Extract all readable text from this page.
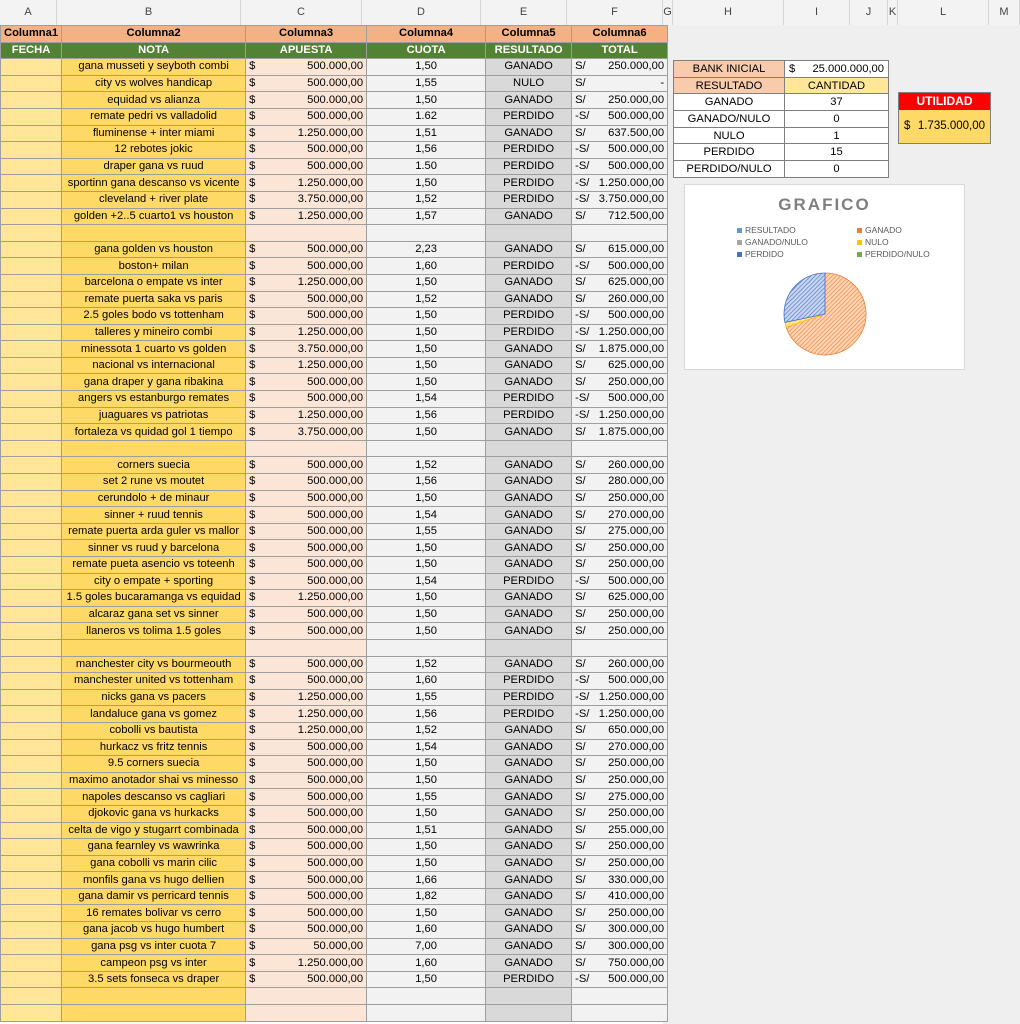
A	B	C	D	E	F	G	H	I	J	K	L	M
Columna1	Columna2	Columna3	Columna4	Columna5	Columna6
FECHA	NOTA	APUESTA	CUOTA	RESULTADO	TOTAL
	gana musseti y seyboth combi	$ 500.000,00	1,50	GANADO	S/ 250.000,00

	city vs wolves handicap	$ 500.000,00	1,55	NULO	S/ -

	equidad vs alianza	$ 500.000,00	1,50	GANADO	S/ 250.000,00

	remate pedri vs valladolid	$ 500.000,00	1.62	PERDIDO	-S/ 500.000,00

	fluminense + inter miami	$ 1.250.000,00	1,51	GANADO	S/ 637.500,00

	12 rebotes jokic	$ 500.000,00	1,56	PERDIDO	-S/ 500.000,00

	draper gana vs ruud	$ 500.000,00	1.50	PERDIDO	-S/ 500.000,00

	sportinn gana descanso vs vicente	$ 1.250.000,00	1,50	PERDIDO	-S/ 1.250.000,00

	cleveland + river plate	$ 3.750.000,00	1,52	PERDIDO	-S/ 3.750.000,00

	golden +2..5 cuarto1 vs houston	$ 1.250.000,00	1,57	GANADO	S/ 712.500,00

	gana golden vs houston	$ 500.000,00	2,23	GANADO	S/ 615.000,00

	boston+ milan	$ 500.000,00	1,60	PERDIDO	-S/ 500.000,00

	barcelona o empate vs inter	$ 1.250.000,00	1,50	GANADO	S/ 625.000,00

	remate puerta saka vs paris	$ 500.000,00	1,52	GANADO	S/ 260.000,00

	2.5 goles bodo vs tottenham	$ 500.000,00	1,50	PERDIDO	-S/ 500.000,00

	talleres y mineiro combi	$ 1.250.000,00	1,50	PERDIDO	-S/ 1.250.000,00

	minessota 1 cuarto vs golden	$ 3.750.000,00	1,50	GANADO	S/ 1.875.000,00

	nacional vs internacional	$ 1.250.000,00	1,50	GANADO	S/ 625.000,00

	gana draper y gana ribakina	$ 500.000,00	1,50	GANADO	S/ 250.000,00

	angers vs estanburgo remates	$ 500.000,00	1,54	PERDIDO	-S/ 500.000,00

	juaguares vs patriotas	$ 1.250.000,00	1,56	PERDIDO	-S/ 1.250.000,00

	fortaleza vs quidad gol 1 tiempo	$ 3.750.000,00	1,50	GANADO	S/ 1.875.000,00

	corners suecia	$ 500.000,00	1,52	GANADO	S/ 260.000,00

	set 2 rune vs moutet	$ 500.000,00	1,56	GANADO	S/ 280.000,00

	cerundolo + de minaur	$ 500.000,00	1,50	GANADO	S/ 250.000,00

	sinner + ruud tennis	$ 500.000,00	1,54	GANADO	S/ 270.000,00

	remate puerta arda guler vs mallor	$ 500.000,00	1,55	GANADO	S/ 275.000,00

	sinner vs ruud y barcelona	$ 500.000,00	1,50	GANADO	S/ 250.000,00

	remate pueta asencio vs toteenh	$ 500.000,00	1,50	GANADO	S/ 250.000,00

	city o empate + sporting	$ 500.000,00	1,54	PERDIDO	-S/ 500.000,00

	1.5 goles bucaramanga vs equidad	$ 1.250.000,00	1,50	GANADO	S/ 625.000,00

	alcaraz gana set vs sinner	$ 500.000,00	1,50	GANADO	S/ 250.000,00

	llaneros vs tolima 1.5 goles	$ 500.000,00	1,50	GANADO	S/ 250.000,00

	manchester city vs bourmeouth	$ 500.000,00	1,52	GANADO	S/ 260.000,00

	manchester united vs tottenham	$ 500.000,00	1,60	PERDIDO	-S/ 500.000,00

	nicks gana vs pacers	$ 1.250.000,00	1,55	PERDIDO	-S/ 1.250.000,00

	landaluce gana vs gomez	$ 1.250.000,00	1,56	PERDIDO	-S/ 1.250.000,00

	cobolli vs bautista	$ 1.250.000,00	1,52	GANADO	S/ 650.000,00

	hurkacz vs fritz tennis	$ 500.000,00	1,54	GANADO	S/ 270.000,00

	9.5 corners suecia	$ 500.000,00	1,50	GANADO	S/ 250.000,00

	maximo anotador shai vs minesso	$ 500.000,00	1,50	GANADO	S/ 250.000,00

	napoles descanso vs cagliari	$ 500.000,00	1,55	GANADO	S/ 275.000,00

	djokovic gana vs hurkacks	$ 500.000,00	1,50	GANADO	S/ 250.000,00

	celta de vigo y stugarrt combinada	$ 500.000,00	1,51	GANADO	S/ 255.000,00

	gana fearnley vs wawrinka	$ 500.000,00	1,50	GANADO	S/ 250.000,00

	gana cobolli vs marin cilic	$ 500.000,00	1,50	GANADO	S/ 250.000,00

	monfils gana vs hugo dellien	$ 500.000,00	1,66	GANADO	S/ 330.000,00

	gana damir vs perricard tennis	$ 500.000,00	1,82	GANADO	S/ 410.000,00

	16 remates bolivar vs cerro	$ 500.000,00	1,50	GANADO	S/ 250.000,00

	gana jacob vs hugo humbert	$ 500.000,00	1,60	GANADO	S/ 300.000,00

	gana psg vs inter cuota 7	$ 50.000,00	7,00	GANADO	S/ 300.000,00

	campeon psg vs inter	$ 1.250.000,00	1,60	GANADO	S/ 750.000,00

	3.5 sets fonseca vs draper	$ 500.000,00	1,50	PERDIDO	-S/ 500.000,00

BANK INICIAL	$ 25.000.000,00

RESULTADO	CANTIDAD
GANADO	37
GANADO/NULO	0
NULO	1
PERDIDO	15
PERDIDO/NULO	0
UTILIDAD
$ 1.735.000,00
GRAFICO
RESULTADO	GANADO
GANADO/NULO	NULO
PERDIDO	PERDIDO/NULO
